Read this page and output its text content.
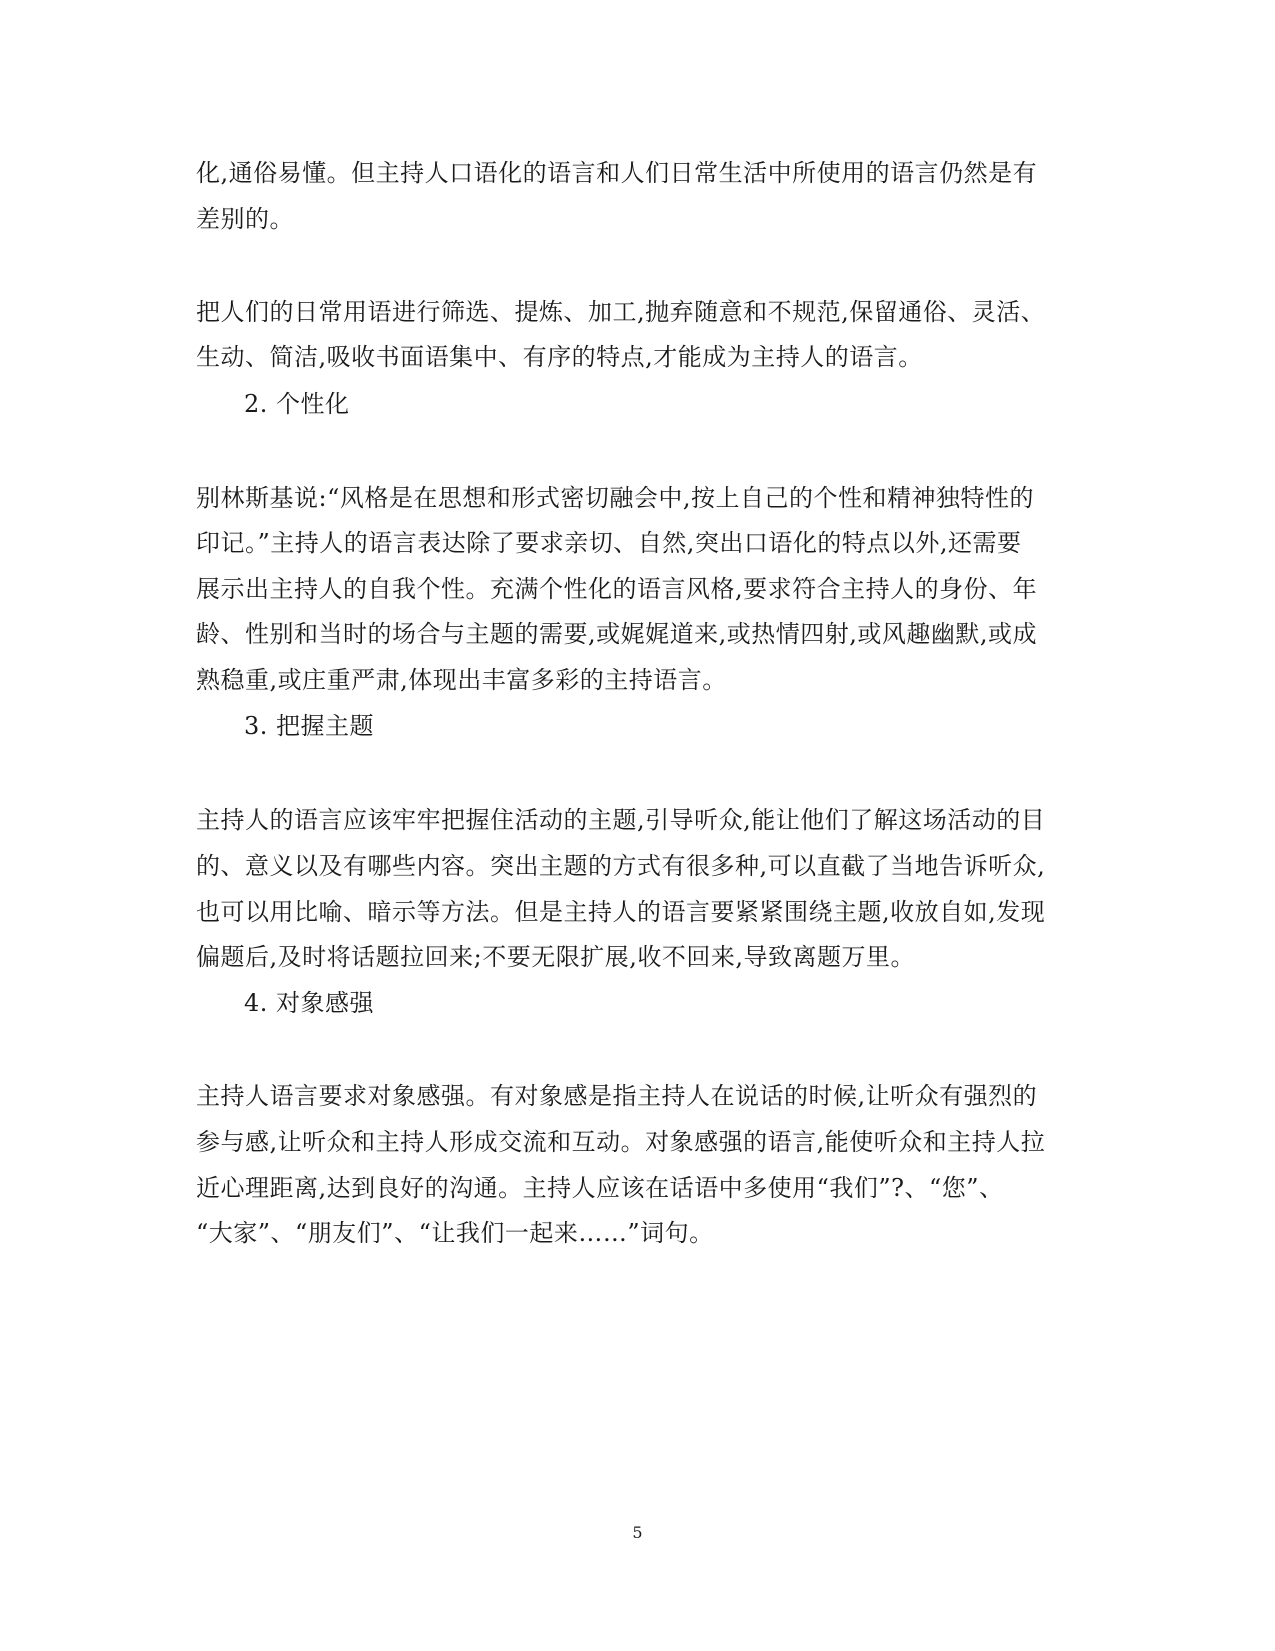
化,通俗易懂。但主持人口语化的语言和人们日常生活中所使用的语言仍然是有
差别的。
把人们的日常用语进行筛选、提炼、加工,抛弃随意和不规范,保留通俗、灵活、
生动、简洁,吸收书面语集中、有序的特点,才能成为主持人的语言。
2. 个性化
别林斯基说:“风格是在思想和形式密切融会中,按上自己的个性和精神独特性的
印记。”主持人的语言表达除了要求亲切、自然,突出口语化的特点以外,还需要
展示出主持人的自我个性。充满个性化的语言风格,要求符合主持人的身份、年
龄、性别和当时的场合与主题的需要,或娓娓道来,或热情四射,或风趣幽默,或成
熟稳重,或庄重严肃,体现出丰富多彩的主持语言。
3. 把握主题
主持人的语言应该牢牢把握住活动的主题,引导听众,能让他们了解这场活动的目
的、意义以及有哪些内容。突出主题的方式有很多种,可以直截了当地告诉听众,
也可以用比喻、暗示等方法。但是主持人的语言要紧紧围绕主题,收放自如,发现
偏题后,及时将话题拉回来;不要无限扩展,收不回来,导致离题万里。
4. 对象感强
主持人语言要求对象感强。有对象感是指主持人在说话的时候,让听众有强烈的
参与感,让听众和主持人形成交流和互动。对象感强的语言,能使听众和主持人拉
近心理距离,达到良好的沟通。主持人应该在话语中多使用“我们”?、“您”、
“大家”、“朋友们”、“让我们一起来……”词句。
5
